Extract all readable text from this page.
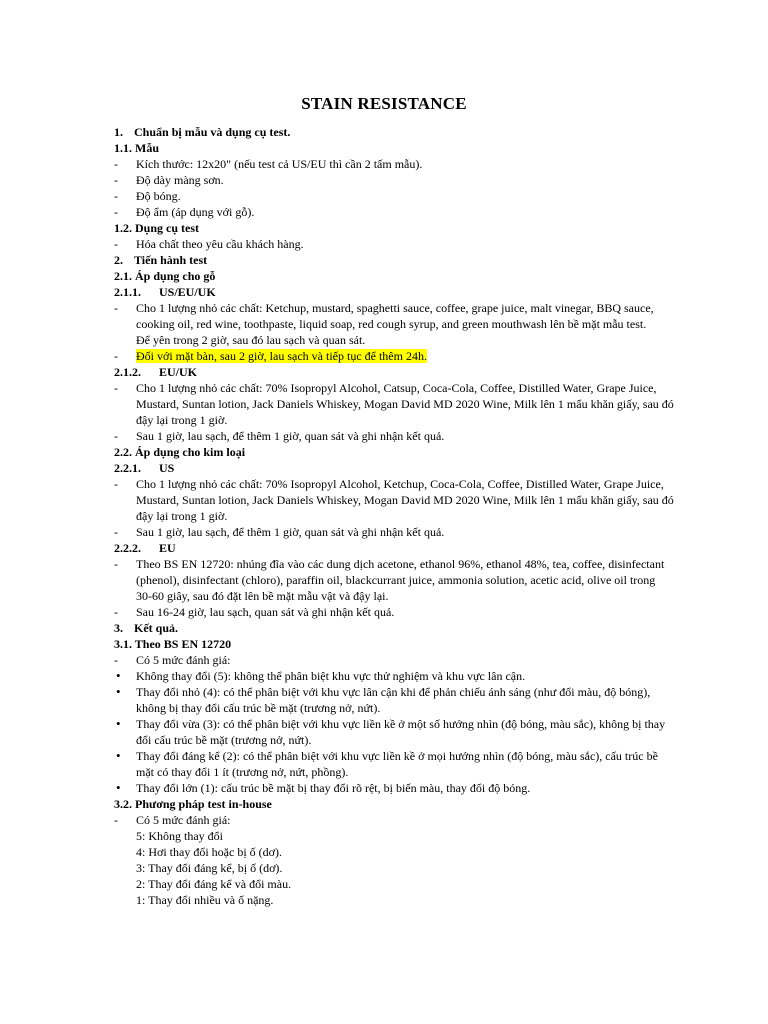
STAIN RESISTANCE
1. Chuẩn bị mẫu và dụng cụ test.
1.1. Mẫu
-	Kích thước: 12x20" (nếu test cả US/EU thì cần 2 tấm mẫu).
-	Độ dày màng sơn.
-	Độ bóng.
-	Độ ẩm (áp dụng với gỗ).
1.2. Dụng cụ test
-	Hóa chất theo yêu cầu khách hàng.
2. Tiến hành test
2.1. Áp dụng cho gỗ
2.1.1.	US/EU/UK
-	Cho 1 lượng nhỏ các chất: Ketchup, mustard, spaghetti sauce, coffee, grape juice, malt vinegar, BBQ sauce, cooking oil, red wine, toothpaste, liquid soap, red cough syrup, and green mouthwash lên bề mặt mẫu test.
Để yên trong 2 giờ, sau đó lau sạch và quan sát.
-	Đối với mặt bàn, sau 2 giờ, lau sạch và tiếp tục để thêm 24h.
2.1.2.	EU/UK
-	Cho 1 lượng nhỏ các chất: 70% Isopropyl Alcohol, Catsup, Coca-Cola, Coffee, Distilled Water, Grape Juice, Mustard, Suntan lotion, Jack Daniels Whiskey, Mogan David MD 2020 Wine, Milk lên 1 mẩu khăn giấy, sau đó đậy lại trong 1 giờ.
-	Sau 1 giờ, lau sạch, để thêm 1 giờ, quan sát và ghi nhận kết quả.
2.2. Áp dụng cho kim loại
2.2.1.	US
-	Cho 1 lượng nhỏ các chất: 70% Isopropyl Alcohol, Ketchup, Coca-Cola, Coffee, Distilled Water, Grape Juice, Mustard, Suntan lotion, Jack Daniels Whiskey, Mogan David MD 2020 Wine, Milk lên 1 mẩu khăn giấy, sau đó đậy lại trong 1 giờ.
-	Sau 1 giờ, lau sạch, để thêm 1 giờ, quan sát và ghi nhận kết quả.
2.2.2.	EU
-	Theo BS EN 12720: nhúng đĩa vào các dung dịch acetone, ethanol 96%, ethanol 48%, tea, coffee, disinfectant (phenol), disinfectant (chloro), paraffin oil, blackcurrant juice, ammonia solution, acetic acid, olive oil trong 30-60 giây, sau đó đặt lên bề mặt mẫu vật và đậy lại.
-	Sau 16-24 giờ, lau sạch, quan sát và ghi nhận kết quả.
3. Kết quả.
3.1. Theo BS EN 12720
-	Có 5 mức đánh giá:
•	Không thay đổi (5): không thể phân biệt khu vực thử nghiệm và khu vực lân cận.
•	Thay đổi nhỏ (4): có thể phân biệt với khu vực lân cận khi để phản chiếu ánh sáng (như đổi màu, độ bóng), không bị thay đổi cấu trúc bề mặt (trương nở, nứt).
•	Thay đổi vừa (3): có thể phân biệt với khu vực liền kề ở một số hướng nhìn (độ bóng, màu sắc), không bị thay đổi cấu trúc bề mặt (trương nở, nứt).
•	Thay đổi đáng kể (2): có thể phân biệt với khu vực liền kề ở mọi hướng nhìn (độ bóng, màu sắc), cấu trúc bề mặt có thay đổi 1 ít (trương nở, nứt, phồng).
•	Thay đổi lớn (1): cấu trúc bề mặt bị thay đổi rõ rệt, bị biến màu, thay đổi độ bóng.
3.2. Phương pháp test in-house
-	Có 5 mức đánh giá:
5: Không thay đổi
4: Hơi thay đổi hoặc bị ố (dơ).
3: Thay đổi đáng kể, bị ố (dơ).
2: Thay đổi đáng kể và đổi màu.
1: Thay đổi nhiều và ố nặng.
